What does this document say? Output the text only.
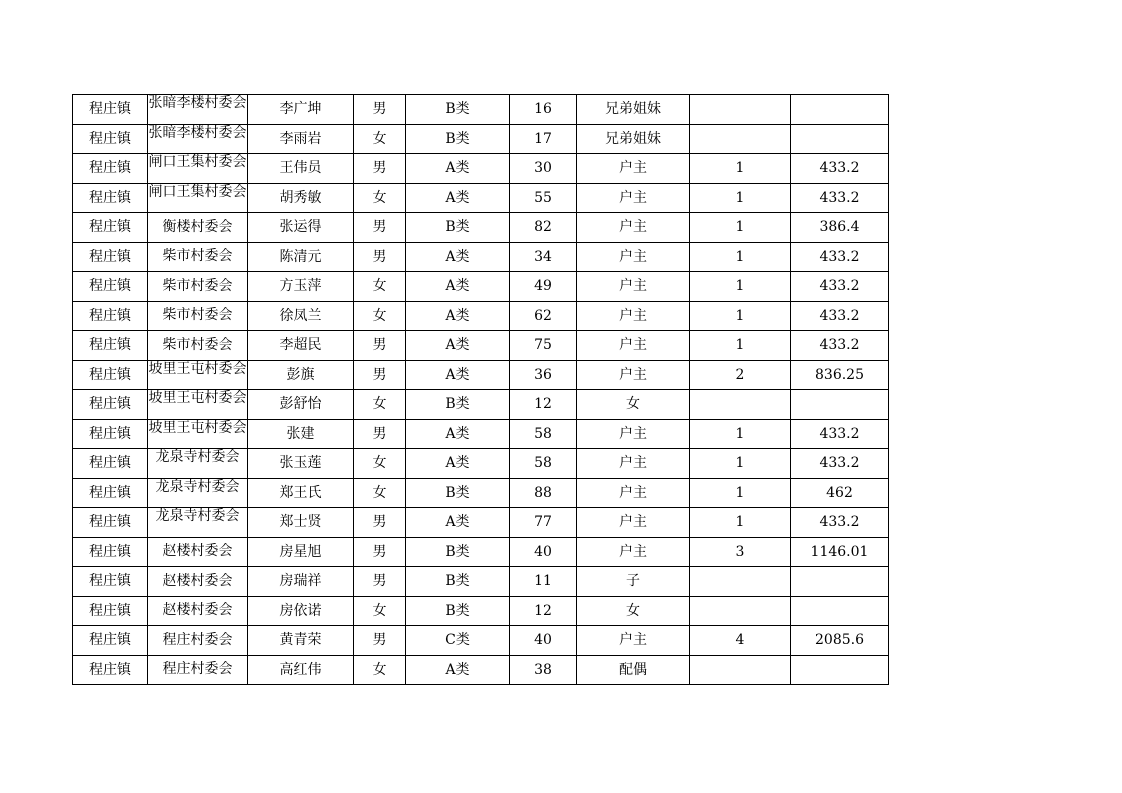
程庄镇	张暗李楼村委会	李广坤	男	B类	16	兄弟姐妹		
程庄镇	张暗李楼村委会	李雨岩	女	B类	17	兄弟姐妹		
程庄镇	闸口王集村委会	王伟员	男	A类	30	户主	1	433.2
程庄镇	闸口王集村委会	胡秀敏	女	A类	55	户主	1	433.2
程庄镇	衡楼村委会	张运得	男	B类	82	户主	1	386.4
程庄镇	柴市村委会	陈清元	男	A类	34	户主	1	433.2
程庄镇	柴市村委会	方玉萍	女	A类	49	户主	1	433.2
程庄镇	柴市村委会	徐凤兰	女	A类	62	户主	1	433.2
程庄镇	柴市村委会	李超民	男	A类	75	户主	1	433.2
程庄镇	坡里王屯村委会	彭旗	男	A类	36	户主	2	836.25
程庄镇	坡里王屯村委会	彭舒怡	女	B类	12	女		
程庄镇	坡里王屯村委会	张建	男	A类	58	户主	1	433.2
程庄镇	龙泉寺村委会	张玉莲	女	A类	58	户主	1	433.2
程庄镇	龙泉寺村委会	郑王氏	女	B类	88	户主	1	462
程庄镇	龙泉寺村委会	郑士贤	男	A类	77	户主	1	433.2
程庄镇	赵楼村委会	房星旭	男	B类	40	户主	3	1146.01
程庄镇	赵楼村委会	房瑞祥	男	B类	11	子		
程庄镇	赵楼村委会	房依诺	女	B类	12	女		
程庄镇	程庄村委会	黄青荣	男	C类	40	户主	4	2085.6
程庄镇	程庄村委会	高红伟	女	A类	38	配偶		
